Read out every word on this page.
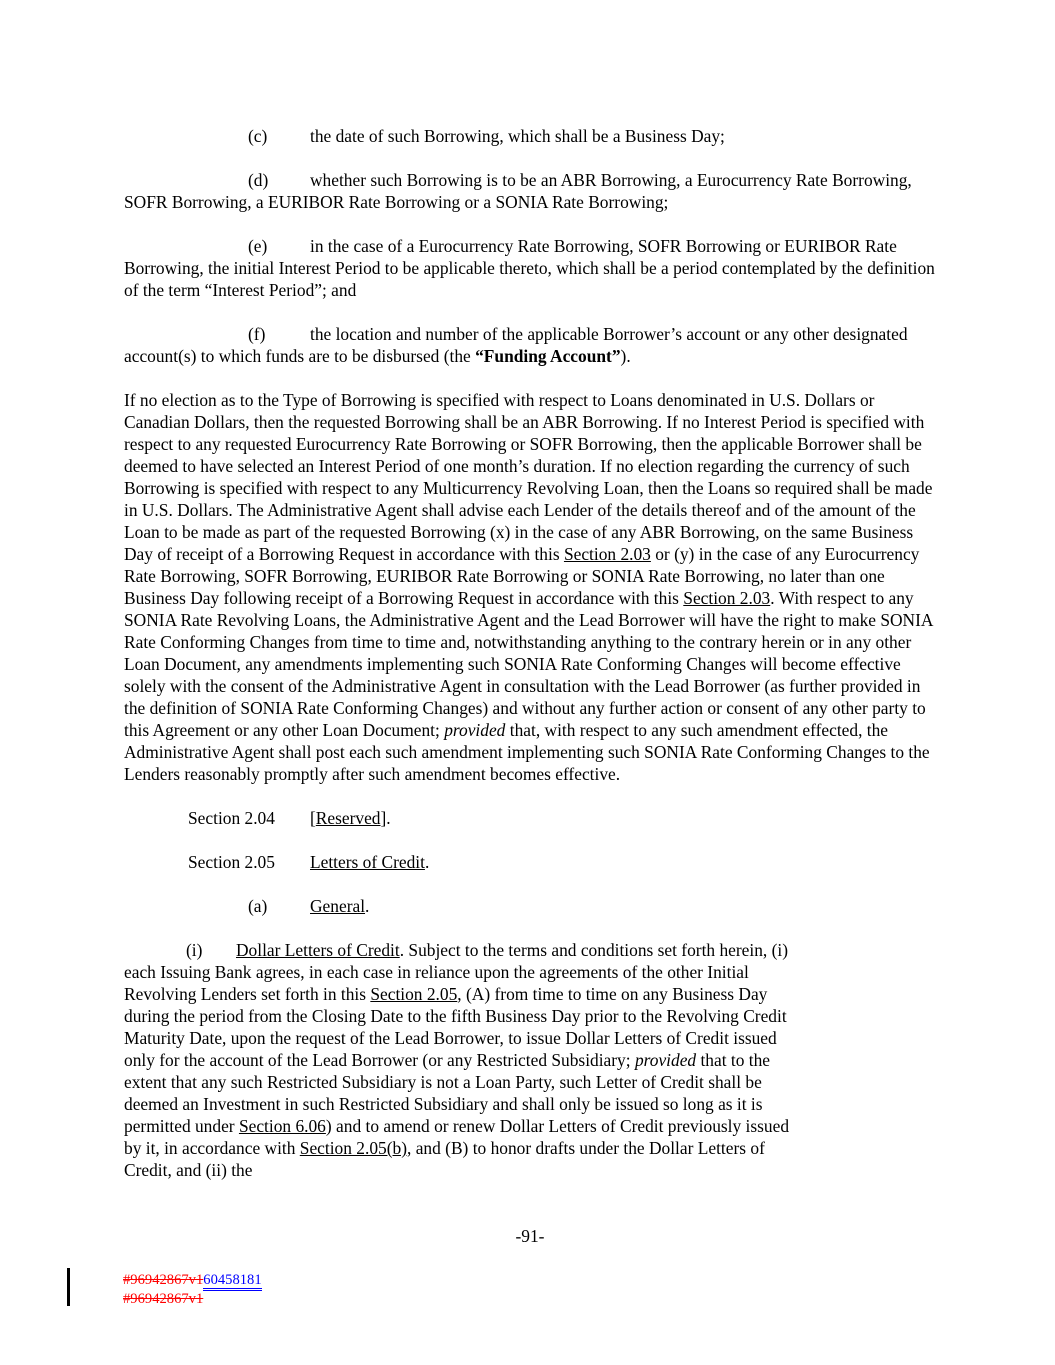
(c) the date of such Borrowing, which shall be a Business Day;

(d) whether such Borrowing is to be an ABR Borrowing, a Eurocurrency Rate Borrowing, SOFR Borrowing, a EURIBOR Rate Borrowing or a SONIA Rate Borrowing;

(e) in the case of a Eurocurrency Rate Borrowing, SOFR Borrowing or EURIBOR Rate Borrowing, the initial Interest Period to be applicable thereto, which shall be a period contemplated by the definition of the term “Interest Period”; and

(f)	the location and number of the applicable Borrower’s account or any other designated account(s) to which funds are to be disbursed (the “Funding Account”).

If no election as to the Type of Borrowing is specified with respect to Loans denominated in U.S. Dollars or Canadian Dollars, then the requested Borrowing shall be an ABR Borrowing. If no Interest Period is specified with respect to any requested Eurocurrency Rate Borrowing or SOFR Borrowing, then the applicable Borrower shall be deemed to have selected an Interest Period of one month’s duration. If no election regarding the currency of such Borrowing is specified with respect to any Multicurrency Revolving Loan, then the Loans so required shall be made in U.S. Dollars. The Administrative Agent shall advise each Lender of the details thereof and of the amount of the Loan to be made as part of the requested Borrowing (x) in the case of any ABR Borrowing, on the same Business Day of receipt of a Borrowing Request in accordance with this Section 2.03 or (y) in the case of any Eurocurrency Rate Borrowing, SOFR Borrowing, EURIBOR Rate Borrowing or SONIA Rate Borrowing, no later than one Business Day following receipt of a Borrowing Request in accordance with this Section 2.03. With respect to any SONIA Rate Revolving Loans, the Administrative Agent and the Lead Borrower will have the right to make SONIA Rate Conforming Changes from time to time and, notwithstanding anything to the contrary herein or in any other Loan Document, any amendments implementing such SONIA Rate Conforming Changes will become effective solely with the consent of the Administrative Agent in consultation with the Lead Borrower (as further provided in the definition of SONIA Rate Conforming Changes) and without any further action or consent of any other party to this Agreement or any other Loan Document; provided that, with respect to any such amendment effected, the Administrative Agent shall post each such amendment implementing such SONIA Rate Conforming Changes to the Lenders reasonably promptly after such amendment becomes effective.

Section 2.04 [Reserved].

Section 2.05 Letters of Credit.

(a) General.

(i) Dollar Letters of Credit. Subject to the terms and conditions set forth herein, (i) each Issuing Bank agrees, in each case in reliance upon the agreements of the other Initial Revolving Lenders set forth in this Section 2.05, (A) from time to time on any Business Day during the period from the Closing Date to the fifth Business Day prior to the Revolving Credit Maturity Date, upon the request of the Lead Borrower, to issue Dollar Letters of Credit issued only for the account of the Lead Borrower (or any Restricted Subsidiary; provided that to the extent that any such Restricted Subsidiary is not a Loan Party, such Letter of Credit shall be deemed an Investment in such Restricted Subsidiary and shall only be issued so long as it is permitted under Section 6.06) and to amend or renew Dollar Letters of Credit previously issued by it, in accordance with Section 2.05(b), and (B) to honor drafts under the Dollar Letters of Credit, and (ii) the

-91-
#96942867v160458181
#96942867v1
